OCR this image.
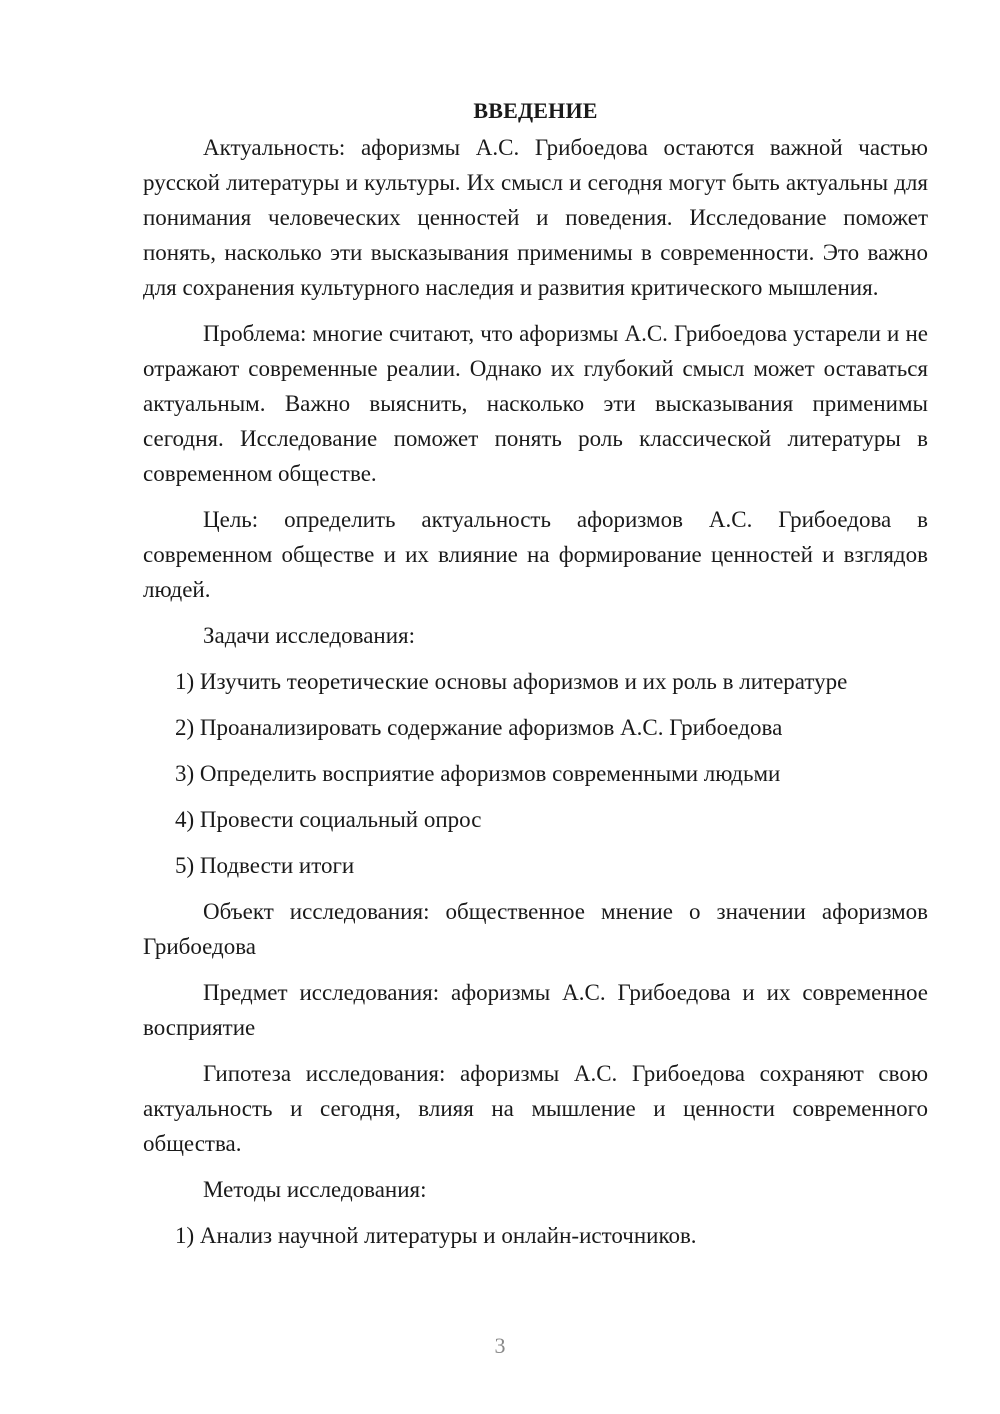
ВВЕДЕНИЕ

Актуальность: афоризмы А.С. Грибоедова остаются важной частью русской литературы и культуры. Их смысл и сегодня могут быть актуальны для понимания человеческих ценностей и поведения. Исследование поможет понять, насколько эти высказывания применимы в современности. Это важно для сохранения культурного наследия и развития критического мышления.

Проблема: многие считают, что афоризмы А.С. Грибоедова устарели и не отражают современные реалии. Однако их глубокий смысл может оставаться актуальным. Важно выяснить, насколько эти высказывания применимы сегодня. Исследование поможет понять роль классической литературы в современном обществе.

Цель: определить актуальность афоризмов А.С. Грибоедова в современном обществе и их влияние на формирование ценностей и взглядов людей.

Задачи исследования:

1) Изучить теоретические основы афоризмов и их роль в литературе
2) Проанализировать содержание афоризмов А.С. Грибоедова
3) Определить восприятие афоризмов современными людьми
4) Провести социальный опрос
5) Подвести итоги

Объект исследования: общественное мнение о значении афоризмов Грибоедова

Предмет исследования: афоризмы А.С. Грибоедова и их современное восприятие

Гипотеза исследования: афоризмы А.С. Грибоедова сохраняют свою актуальность и сегодня, влияя на мышление и ценности современного общества.

Методы исследования:

1) Анализ научной литературы и онлайн-источников.
3
